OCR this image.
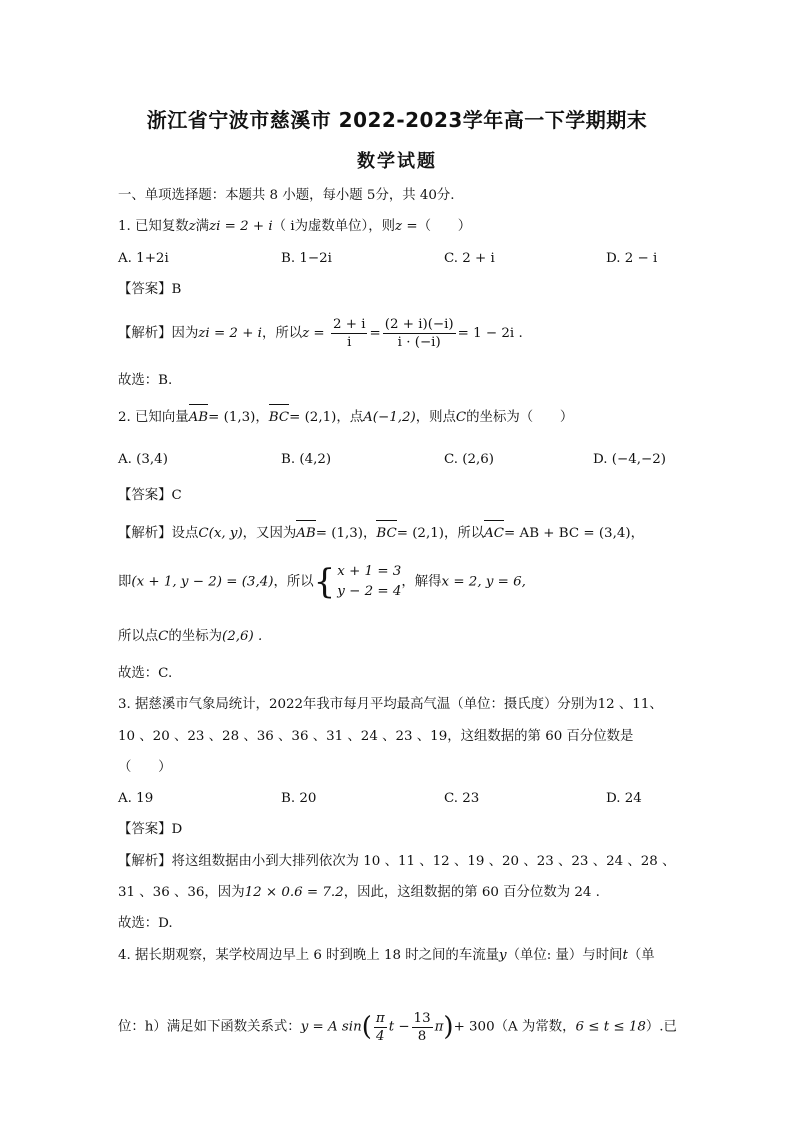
浙江省宁波市慈溪市 2022-2023学年高一下学期期末
数学试题
一、单项选择题：本题共 8 小题，每小题 5分，共 40分.
1. 已知复数z满zi = 2 + i（ i为虚数单位），则z =（　　）
A. 1+2i	B. 1−2i	C. 2 + i	D. 2 − i
【答案】B
【解析】因为zi = 2 + i，所以$z = \frac{2 + i}{i} = \frac{(2 + i)(-i)}{i \cdot (-i)} = 1 - 2i$ .
故选：B.
2. 已知向量AB= (1,3)，BC= (2,1)，点A(−1,2)，则点C的坐标为（　　）
A. (3,4)	B. (4,2)	C. (2,6)	D. (−4,−2)
【答案】C
【解析】设点C(x, y)，又因为AB= (1,3)，BC= (2,1)，所以AC= AB + BC = (3,4)，
即(x + 1, y − 2) = (3,4)，所以 { x + 1 = 3
y − 2 = 4
，解得x = 2, y = 6,
所以点C的坐标为(2,6) .
故选：C.
3. 据慈溪市气象局统计，2022年我市每月平均最高气温（单位：摄氏度）分别为12 、11、
10 、20 、23 、28 、36 、36 、31 、24 、23 、19，这组数据的第 60 百分位数是
（　　）
A. 19	B. 20	C. 23	D. 24
【答案】D
【解析】将这组数据由小到大排列依次为 10 、11 、12 、19 、20 、23 、23 、24 、28 、
31 、36 、36，因为12 × 0.6 = 7.2，因此，这组数据的第 60 百分位数为 24 .
故选：D.
4. 据长期观察，某学校周边早上 6 时到晚上 18 时之间的车流量y（单位: 量）与时间t（单
位：h）满足如下函数关系式：y = A $\sin( \frac{\pi}{4}$ $t - \frac{13}{8} \pi)+ 300(A$ 为常数，6 ≤ t ≤ 18）.已
